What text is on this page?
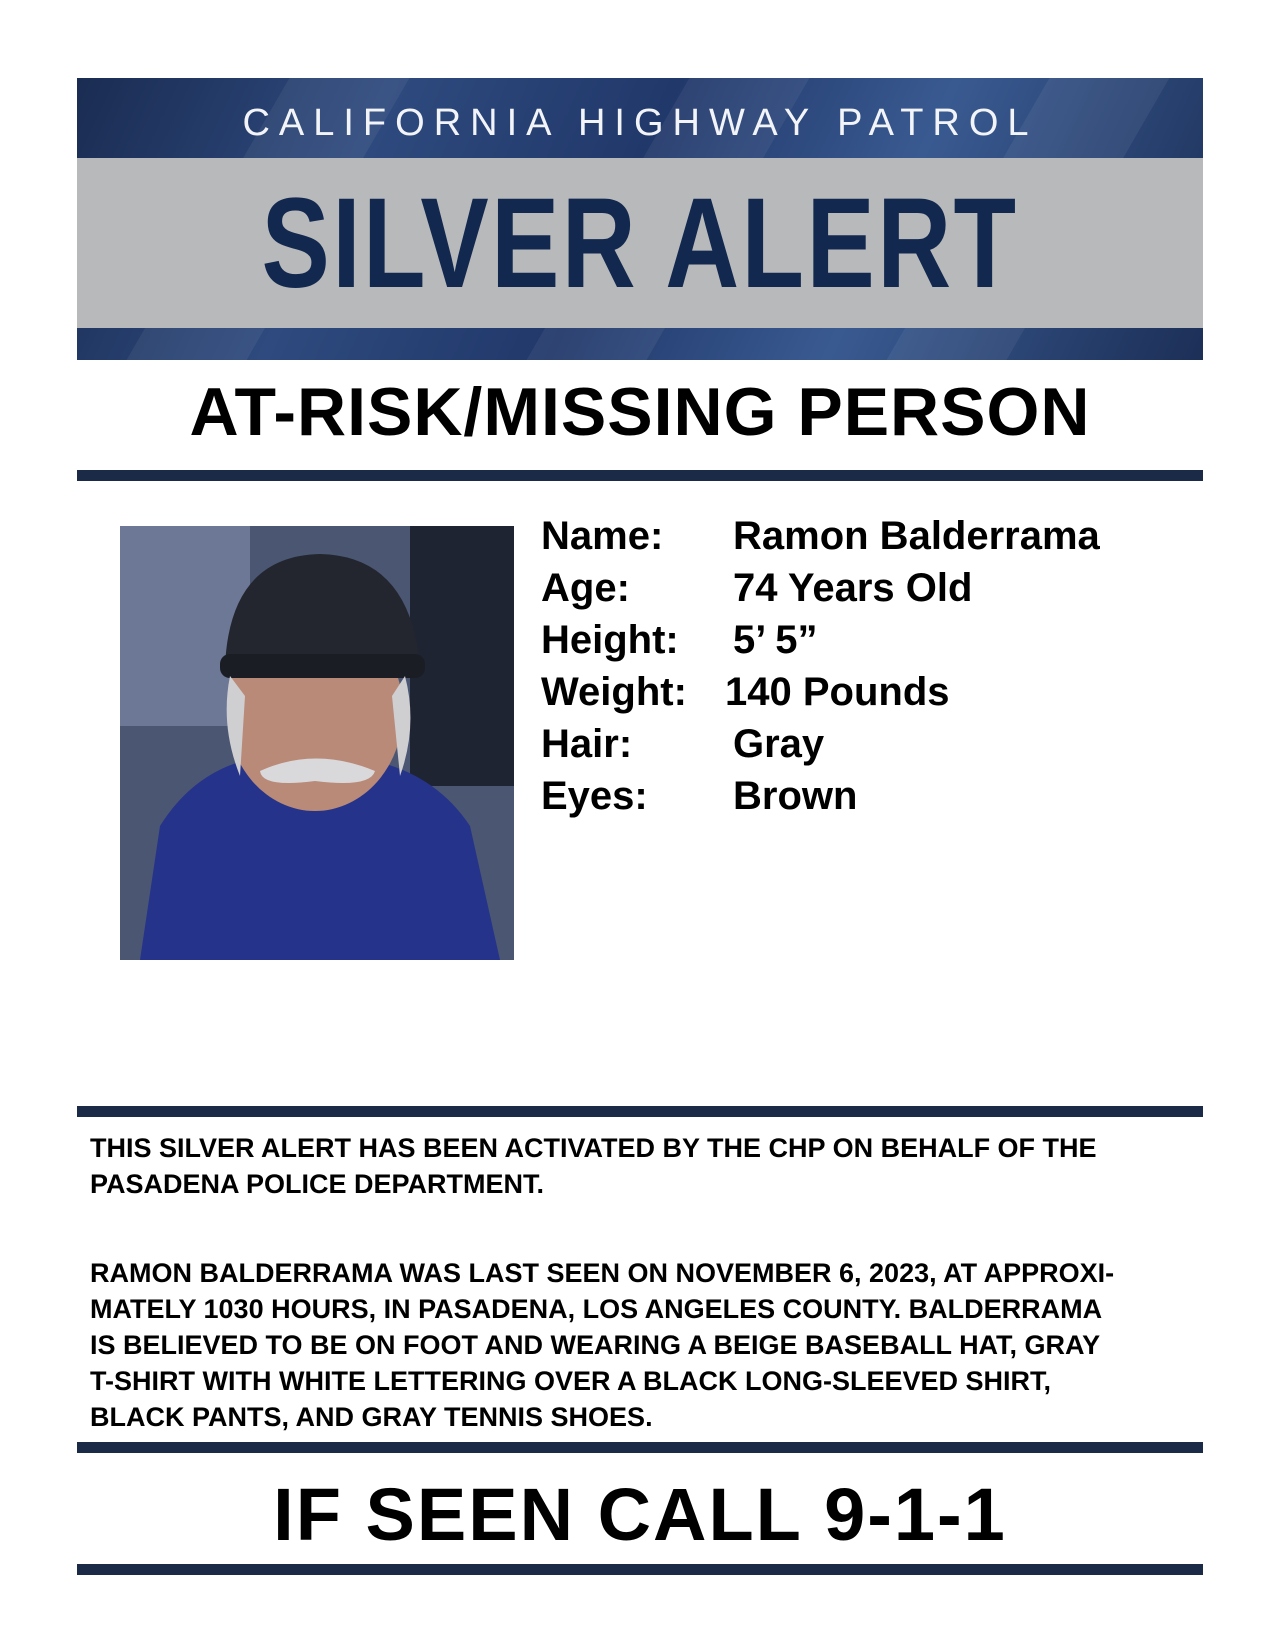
CALIFORNIA HIGHWAY PATROL
SILVER ALERT
AT-RISK/MISSING PERSON
Name: Ramon Balderrama
Age:	74 Years Old
Height: 5’ 5”
Weight: 140 Pounds
Hair:	Gray
Eyes: Brown

THIS SILVER ALERT HAS BEEN ACTIVATED BY THE CHP ON BEHALF OF THE PASADENA POLICE DEPARTMENT.

RAMON BALDERRAMA WAS LAST SEEN ON NOVEMBER 6, 2023, AT APPROXI-

MATELY 1030 HOURS, IN PASADENA, LOS ANGELES COUNTY. BALDERRAMA

IS BELIEVED TO BE ON FOOT AND WEARING A BEIGE BASEBALL HAT, GRAY

T-SHIRT WITH WHITE LETTERING OVER A BLACK LONG-SLEEVED SHIRT,

BLACK PANTS, AND GRAY TENNIS SHOES.

IF SEEN CALL 9-1-1
